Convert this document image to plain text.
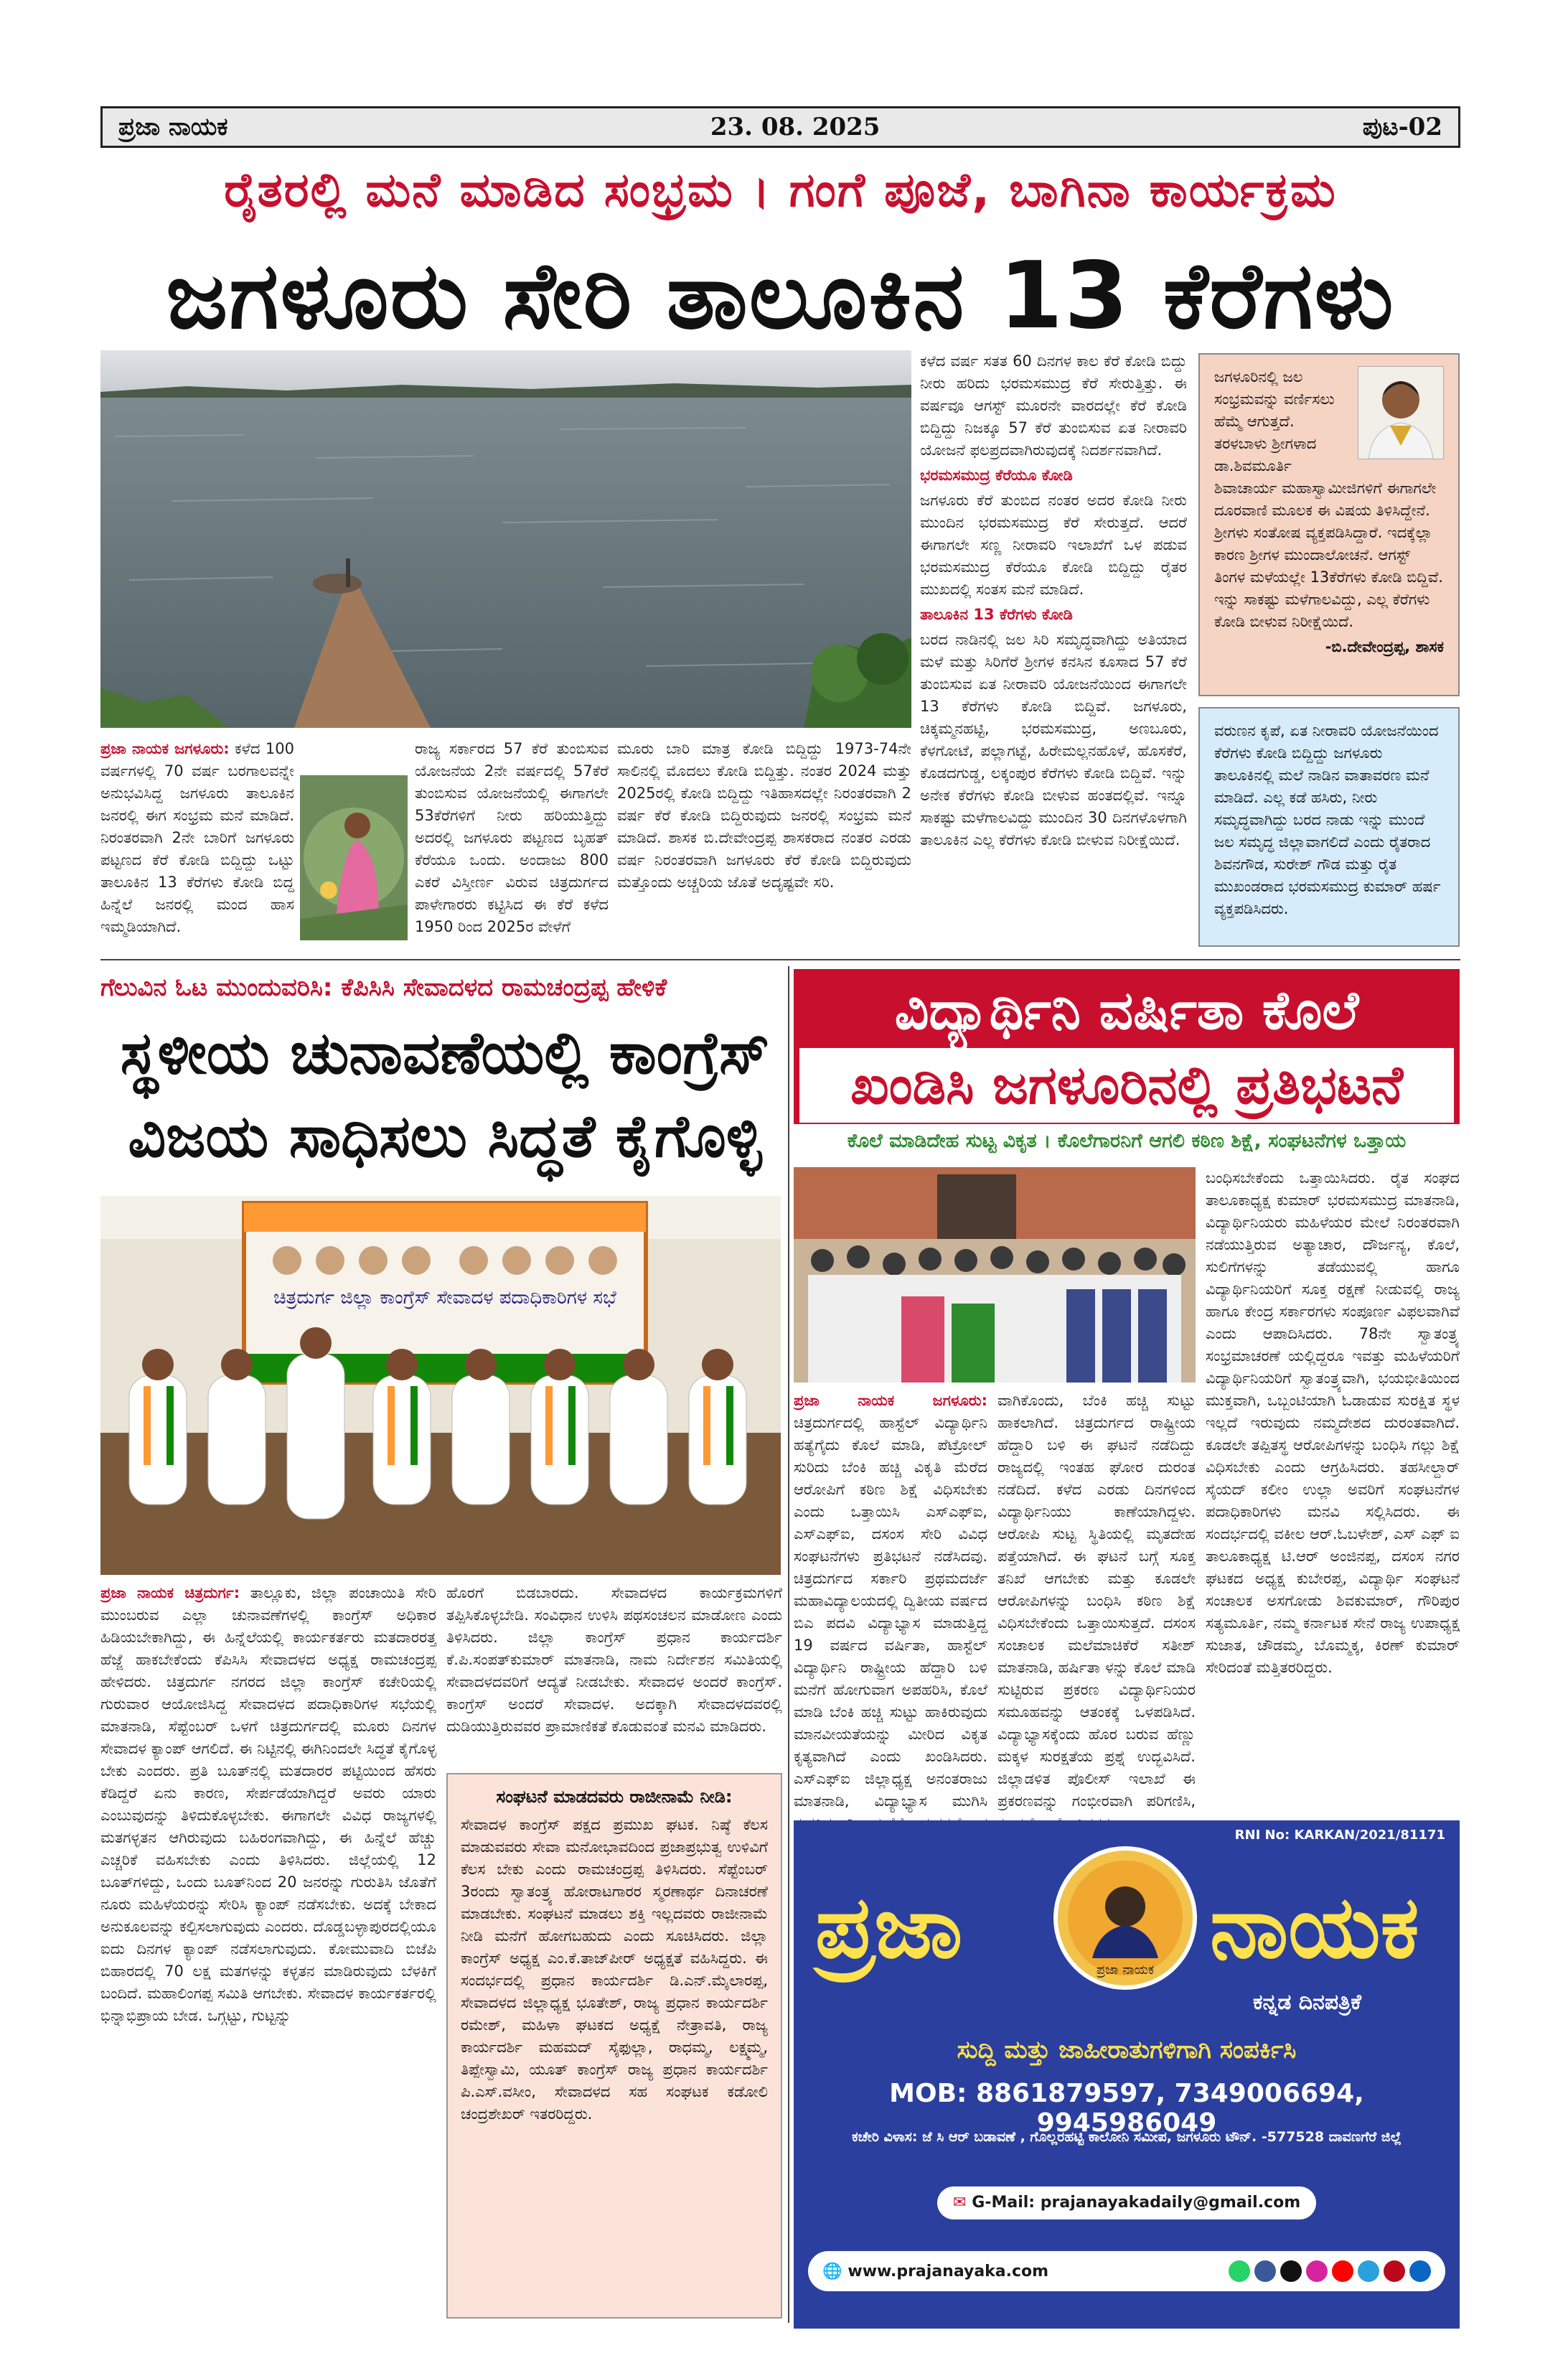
ಪ್ರಜಾ ನಾಯಕ	23. 08. 2025	ಪುಟ-02
ರೈತರಲ್ಲಿ ಮನೆ ಮಾಡಿದ ಸಂಭ್ರಮ । ಗಂಗೆ ಪೂಜೆ, ಬಾಗಿನಾ ಕಾರ್ಯಕ್ರಮ
ಜಗಳೂರು ಸೇರಿ ತಾಲೂಕಿನ 13 ಕೆರೆಗಳು

ಕಳೆದ ವರ್ಷ ಸತತ 60 ದಿನಗಳ ಕಾಲ ಕೆರೆ ಕೋಡಿ ಬಿದ್ದು ನೀರು ಹರಿದು ಭರಮಸಮುದ್ರ ಕೆರೆ ಸೇರುತ್ತಿತ್ತು. ಈ ವರ್ಷವೂ ಆಗಸ್ಟ್ ಮೂರನೇ ವಾರದಲ್ಲೇ ಕೆರೆ ಕೋಡಿ ಬಿದ್ದಿದ್ದು ನಿಜಕ್ಕೂ 57 ಕೆರೆ ತುಂಬಿಸುವ ಏತ ನೀರಾವರಿ ಯೋಜನೆ ಫಲಪ್ರದವಾಗಿರುವುದಕ್ಕೆ ನಿದರ್ಶನವಾಗಿದೆ.

ಭರಮಸಮುದ್ರ ಕೆರೆಯೂ ಕೋಡಿ

ಜಗಳೂರು ಕೆರೆ ತುಂಬಿದ ನಂತರ ಅದರ ಕೋಡಿ ನೀರು ಮುಂದಿನ ಭರಮಸಮುದ್ರ ಕೆರೆ ಸೇರುತ್ತದೆ. ಆದರೆ ಈಗಾಗಲೇ ಸಣ್ಣ ನೀರಾವರಿ ಇಲಾಖೆಗೆ ಒಳ ಪಡುವ ಭರಮಸಮುದ್ರ ಕೆರೆಯೂ ಕೋಡಿ ಬಿದ್ದಿದ್ದು ರೈತರ ಮುಖದಲ್ಲಿ ಸಂತಸ ಮನೆ ಮಾಡಿದೆ.

ತಾಲೂಕಿನ 13 ಕೆರೆಗಳು ಕೋಡಿ

ಬರದ ನಾಡಿನಲ್ಲಿ ಜಲ ಸಿರಿ ಸಮೃದ್ಧವಾಗಿದ್ದು ಅತಿಯಾದ ಮಳೆ ಮತ್ತು ಸಿರಿಗೆರೆ ಶ್ರೀಗಳ ಕನಸಿನ ಕೂಸಾದ 57 ಕೆರೆ ತುಂಬಿಸುವ ಏತ ನೀರಾವರಿ ಯೋಜನೆಯಿಂದ ಈಗಾಗಲೇ 13 ಕೆರೆಗಳು ಕೋಡಿ ಬಿದ್ದಿವೆ. ಜಗಳೂರು, ಚಿಕ್ಕಮ್ಮನಹಟ್ಟಿ, ಭರಮಸಮುದ್ರ, ಅಣಬೂರು, ಕೆಳಗೋಟೆ, ಪಲ್ಲಾಗಟ್ಟೆ, ಹಿರೇಮಲ್ಲನಹೊಳೆ, ಹೊಸಕೆರೆ, ಕೊಡದಗುಡ್ಡ, ಲಕ್ಕಂಪುರ ಕೆರೆಗಳು ಕೋಡಿ ಬಿದ್ದಿವೆ. ಇನ್ನು ಅನೇಕ ಕೆರೆಗಳು ಕೋಡಿ ಬೀಳುವ ಹಂತದಲ್ಲಿವೆ. ಇನ್ನೂ ಸಾಕಷ್ಟು ಮಳೆಗಾಲವಿದ್ದು ಮುಂದಿನ 30 ದಿನಗಳೊಳಗಾಗಿ ತಾಲೂಕಿನ ಎಲ್ಲ ಕೆರೆಗಳು ಕೋಡಿ ಬೀಳುವ ನಿರೀಕ್ಷೆಯಿದೆ.

ಜಗಳೂರಿನಲ್ಲಿ ಜಲ ಸಂಭ್ರಮವನ್ನು ವರ್ಣಿಸಲು ಹೆಮ್ಮೆ ಆಗುತ್ತದೆ. ತರಳಬಾಳು ಶ್ರೀಗಳಾದ ಡಾ.ಶಿವಮೂರ್ತಿ ಶಿವಾಚಾರ್ಯ ಮಹಾಸ್ವಾಮೀಜಿಗಳಿಗೆ ಈಗಾಗಲೇ ದೂರವಾಣಿ ಮೂಲಕ ಈ ವಿಷಯ ತಿಳಿಸಿದ್ದೇನೆ. ಶ್ರೀಗಳು ಸಂತೋಷ ವ್ಯಕ್ತಪಡಿಸಿದ್ದಾರೆ. ಇದಕ್ಕೆಲ್ಲಾ ಕಾರಣ ಶ್ರೀಗಳ ಮುಂದಾಲೋಚನೆ. ಆಗಸ್ಟ್ ತಿಂಗಳ ಮಳೆಯಲ್ಲೇ 13ಕೆರೆಗಳು ಕೋಡಿ ಬಿದ್ದಿವೆ. ಇನ್ನು ಸಾಕಷ್ಟು ಮಳೆಗಾಲವಿದ್ದು, ಎಲ್ಲ ಕೆರೆಗಳು ಕೋಡಿ ಬೀಳುವ ನಿರೀಕ್ಷೆಯಿದೆ.
-ಬಿ.ದೇವೇಂದ್ರಪ್ಪ, ಶಾಸಕ
ವರುಣನ ಕೃಪೆ, ಏತ ನೀರಾವರಿ ಯೋಜನೆಯಿಂದ ಕೆರೆಗಳು ಕೋಡಿ ಬಿದ್ದಿದ್ದು ಜಗಳೂರು ತಾಲೂಕಿನಲ್ಲಿ ಮಲೆ ನಾಡಿನ ವಾತಾವರಣ ಮನೆ ಮಾಡಿದೆ. ಎಲ್ಲ ಕಡೆ ಹಸಿರು, ನೀರು ಸಮೃದ್ಧವಾಗಿದ್ದು ಬರದ ನಾಡು ಇನ್ನು ಮುಂದೆ ಜಲ ಸಮೃದ್ಧ ಜಿಲ್ಲಾವಾಗಲಿದೆ ಎಂದು ರೈತರಾದ ಶಿವನಗೌಡ, ಸುರೇಶ್ ಗೌಡ ಮತ್ತು ರೈತ ಮುಖಂಡರಾದ ಭರಮಸಮುದ್ರ ಕುಮಾರ್ ಹರ್ಷ ವ್ಯಕ್ತಪಡಿಸಿದರು.

ಪ್ರಜಾ ನಾಯಕ ಜಗಳೂರು: ಕಳೆದ 100 ವರ್ಷಗಳಲ್ಲಿ 70 ವರ್ಷ ಬರಗಾಲವನ್ನೇ ಅನುಭವಿಸಿದ್ದ ಜಗಳೂರು ತಾಲೂಕಿನ ಜನರಲ್ಲಿ ಈಗ ಸಂಭ್ರಮ ಮನೆ ಮಾಡಿದೆ. ನಿರಂತರವಾಗಿ 2ನೇ ಬಾರಿಗೆ ಜಗಳೂರು ಪಟ್ಟಣದ ಕೆರೆ ಕೋಡಿ ಬಿದ್ದಿದ್ದು ಒಟ್ಟು ತಾಲೂಕಿನ 13 ಕೆರೆಗಳು ಕೋಡಿ ಬಿದ್ದ ಹಿನ್ನೆಲೆ ಜನರಲ್ಲಿ ಮಂದ ಹಾಸ ಇಮ್ಮಡಿಯಾಗಿದೆ.

ರಾಜ್ಯ ಸರ್ಕಾರದ 57 ಕೆರೆ ತುಂಬಿಸುವ ಯೋಜನೆಯ 2ನೇ ವರ್ಷದಲ್ಲಿ 57ಕೆರೆ ತುಂಬಿಸುವ ಯೋಜನೆಯಲ್ಲಿ ಈಗಾಗಲೇ 53ಕೆರೆಗಳಿಗೆ ನೀರು ಹರಿಯುತ್ತಿದ್ದು ಅದರಲ್ಲಿ ಜಗಳೂರು ಪಟ್ಟಣದ ಬೃಹತ್ ಕೆರೆಯೂ ಒಂದು. ಅಂದಾಜು 800 ಎಕರೆ ವಿಸ್ತೀರ್ಣ ವಿರುವ ಚಿತ್ರದುರ್ಗದ ಪಾಳೇಗಾರರು ಕಟ್ಟಿಸಿದ ಈ ಕೆರೆ ಕಳೆದ 1950 ರಿಂದ 2025ರ ವೇಳೆಗೆ

ಮೂರು ಬಾರಿ ಮಾತ್ರ ಕೋಡಿ ಬಿದ್ದಿದ್ದು 1973-74ನೇ ಸಾಲಿನಲ್ಲಿ ಮೊದಲು ಕೋಡಿ ಬಿದ್ದಿತ್ತು. ನಂತರ 2024 ಮತ್ತು 2025ರಲ್ಲಿ ಕೋಡಿ ಬಿದ್ದಿದ್ದು ಇತಿಹಾಸದಲ್ಲೇ ನಿರಂತರವಾಗಿ 2 ವರ್ಷ ಕೆರೆ ಕೋಡಿ ಬಿದ್ದಿರುವುದು ಜನರಲ್ಲಿ ಸಂಭ್ರಮ ಮನೆ ಮಾಡಿದೆ. ಶಾಸಕ ಬಿ.ದೇವೇಂದ್ರಪ್ಪ ಶಾಸಕರಾದ ನಂತರ ಎರಡು ವರ್ಷ ನಿರಂತರವಾಗಿ ಜಗಳೂರು ಕೆರೆ ಕೋಡಿ ಬಿದ್ದಿರುವುದು ಮತ್ತೊಂದು ಅಚ್ಚರಿಯ ಜೊತೆ ಅದೃಷ್ಟವೇ ಸರಿ.

ಗೆಲುವಿನ ಓಟ ಮುಂದುವರಿಸಿ: ಕೆಪಿಸಿಸಿ ಸೇವಾದಳದ ರಾಮಚಂದ್ರಪ್ಪ ಹೇಳಿಕೆ
ಸ್ಥಳೀಯ ಚುನಾವಣೆಯಲ್ಲಿ ಕಾಂಗ್ರೆಸ್ ವಿಜಯ ಸಾಧಿಸಲು ಸಿದ್ಧತೆ ಕೈಗೊಳ್ಳಿ
ಚಿತ್ರದುರ್ಗ ಜಿಲ್ಲಾ ಕಾಂಗ್ರೆಸ್ ಸೇವಾದಳ ಪದಾಧಿಕಾರಿಗಳ ಸಭೆ

ಪ್ರಜಾ ನಾಯಕ ಚಿತ್ರದುರ್ಗ: ತಾಲ್ಲೂಕು, ಜಿಲ್ಲಾ ಪಂಚಾಯಿತಿ ಸೇರಿ ಮುಂಬರುವ ಎಲ್ಲಾ ಚುನಾವಣೆಗಳಲ್ಲಿ ಕಾಂಗ್ರೆಸ್ ಅಧಿಕಾರ ಹಿಡಿಯಬೇಕಾಗಿದ್ದು, ಈ ಹಿನ್ನೆಲೆಯಲ್ಲಿ ಕಾರ್ಯಕರ್ತರು ಮತದಾರರತ್ತ ಹೆಜ್ಜೆ ಹಾಕಬೇಕೆಂದು ಕೆಪಿಸಿಸಿ ಸೇವಾದಳದ ಅಧ್ಯಕ್ಷ ರಾಮಚಂದ್ರಪ್ಪ ಹೇಳಿದರು. ಚಿತ್ರದುರ್ಗ ನಗರದ ಜಿಲ್ಲಾ ಕಾಂಗ್ರೆಸ್ ಕಚೇರಿಯಲ್ಲಿ ಗುರುವಾರ ಆಯೋಜಿಸಿದ್ದ ಸೇವಾದಳದ ಪದಾಧಿಕಾರಿಗಳ ಸಭೆಯಲ್ಲಿ ಮಾತನಾಡಿ, ಸೆಪ್ಟೆಂಬರ್ ಒಳಗೆ ಚಿತ್ರದುರ್ಗದಲ್ಲಿ ಮೂರು ದಿನಗಳ ಸೇವಾದಳ ಕ್ಯಾಂಪ್ ಆಗಲಿದೆ. ಈ ನಿಟ್ಟಿನಲ್ಲಿ ಈಗಿನಿಂದಲೇ ಸಿದ್ಧತೆ ಕೈಗೊಳ್ಳ ಬೇಕು ಎಂದರು. ಪ್ರತಿ ಬೂತ್‌ನಲ್ಲಿ ಮತದಾರರ ಪಟ್ಟಿಯಿಂದ ಹೆಸರು ಕೆಡಿದ್ದರೆ ಏನು ಕಾರಣ, ಸೇರ್ಪಡೆಯಾಗಿದ್ದರೆ ಅವರು ಯಾರು ಎಂಬುವುದನ್ನು ತಿಳಿದುಕೊಳ್ಳಬೇಕು. ಈಗಾಗಲೇ ವಿವಿಧ ರಾಜ್ಯಗಳಲ್ಲಿ ಮತಗಳ್ಳತನ ಆಗಿರುವುದು ಬಹಿರಂಗವಾಗಿದ್ದು, ಈ ಹಿನ್ನೆಲೆ ಹೆಚ್ಚು ಎಚ್ಚರಿಕೆ ವಹಿಸಬೇಕು ಎಂದು ತಿಳಿಸಿದರು. ಜಿಲ್ಲೆಯಲ್ಲಿ 12 ಬೂತ್‌ಗಳಿದ್ದು, ಒಂದು ಬೂತ್‌ನಿಂದ 20 ಜನರನ್ನು ಗುರುತಿಸಿ ಜೊತೆಗೆ ನೂರು ಮಹಿಳೆಯರನ್ನು ಸೇರಿಸಿ ಕ್ಯಾಂಪ್ ನಡೆಸಬೇಕು. ಅದಕ್ಕೆ ಬೇಕಾದ ಅನುಕೂಲವನ್ನು ಕಲ್ಪಿಸಲಾಗುವುದು ಎಂದರು. ದೊಡ್ಡಬಳ್ಳಾಪುರದಲ್ಲಿಯೂ ಐದು ದಿನಗಳ ಕ್ಯಾಂಪ್ ನಡೆಸಲಾಗುವುದು. ಕೋಮುವಾದಿ ಬಿಜೆಪಿ ಬಿಹಾರದಲ್ಲಿ 70 ಲಕ್ಷ ಮತಗಳನ್ನು ಕಳ್ಳತನ ಮಾಡಿರುವುದು ಬೆಳಕಿಗೆ ಬಂದಿದೆ. ಮಹಾಲಿಂಗಪ್ಪ ಸಮಿತಿ ಆಗಬೇಕು. ಸೇವಾದಳ ಕಾರ್ಯಕರ್ತರಲ್ಲಿ ಭಿನ್ನಾಭಿಪ್ರಾಯ ಬೇಡ. ಒಗ್ಗಟ್ಟು, ಗುಟ್ಟನ್ನು

ಹೊರಗೆ ಬಿಡಬಾರದು. ಸೇವಾದಳದ ಕಾರ್ಯಕ್ರಮಗಳಿಗೆ ತಪ್ಪಿಸಿಕೊಳ್ಳಬೇಡಿ. ಸಂವಿಧಾನ ಉಳಿಸಿ ಪಥಸಂಚಲನ ಮಾಡೋಣ ಎಂದು ತಿಳಿಸಿದರು. ಜಿಲ್ಲಾ ಕಾಂಗ್ರೆಸ್ ಪ್ರಧಾನ ಕಾರ್ಯದರ್ಶಿ ಕೆ.ಪಿ.ಸಂಪತ್‌ಕುಮಾರ್ ಮಾತನಾಡಿ, ನಾಮ ನಿರ್ದೇಶನ ಸಮಿತಿಯಲ್ಲಿ ಸೇವಾದಳದವರಿಗೆ ಆದ್ಯತೆ ನೀಡಬೇಕು. ಸೇವಾದಳ ಅಂದರೆ ಕಾಂಗ್ರೆಸ್. ಕಾಂಗ್ರೆಸ್ ಅಂದರೆ ಸೇವಾದಳ. ಅದಕ್ಕಾಗಿ ಸೇವಾದಳದವರಲ್ಲಿ ದುಡಿಯುತ್ತಿರುವವರ ಪ್ರಾಮಾಣಿಕತೆ ಕೊಡುವಂತೆ ಮನವಿ ಮಾಡಿದರು.

ಸಂಘಟನೆ ಮಾಡದವರು ರಾಜೀನಾಮೆ ನೀಡಿ:
ಸೇವಾದಳ ಕಾಂಗ್ರೆಸ್ ಪಕ್ಷದ ಪ್ರಮುಖ ಘಟಕ. ನಿಷ್ಠೆ ಕೆಲಸ ಮಾಡುವವರು ಸೇವಾ ಮನೋಭಾವದಿಂದ ಪ್ರಜಾಪ್ರಭುತ್ವ ಉಳಿವಿಗೆ ಕೆಲಸ ಬೇಕು ಎಂದು ರಾಮಚಂದ್ರಪ್ಪ ತಿಳಿಸಿದರು. ಸೆಪ್ಟೆಂಬರ್ 3ರಂದು ಸ್ವಾತಂತ್ರ್ಯ ಹೋರಾಟಗಾರರ ಸ್ಮರಣಾರ್ಥ ದಿನಾಚರಣೆ ಮಾಡಬೇಕು. ಸಂಘಟನೆ ಮಾಡಲು ಶಕ್ತಿ ಇಲ್ಲದವರು ರಾಜೀನಾಮೆ ನೀಡಿ ಮನೆಗೆ ಹೋಗಬಹುದು ಎಂದು ಸೂಚಿಸಿದರು. ಜಿಲ್ಲಾ ಕಾಂಗ್ರೆಸ್ ಅಧ್ಯಕ್ಷ ಎಂ.ಕೆ.ತಾಜ್‌ಪೀರ್ ಅಧ್ಯಕ್ಷತೆ ವಹಿಸಿದ್ದರು. ಈ ಸಂದರ್ಭದಲ್ಲಿ ಪ್ರಧಾನ ಕಾರ್ಯದರ್ಶಿ ಡಿ.ಎನ್.ಮೈಲಾರಪ್ಪ, ಸೇವಾದಳದ ಜಿಲ್ಲಾಧ್ಯಕ್ಷ ಭೂತೇಶ್, ರಾಜ್ಯ ಪ್ರಧಾನ ಕಾರ್ಯದರ್ಶಿ ರಮೇಶ್, ಮಹಿಳಾ ಘಟಕದ ಅಧ್ಯಕ್ಷೆ ನೇತ್ರಾವತಿ, ರಾಜ್ಯ ಕಾರ್ಯದರ್ಶಿ ಮಹಮದ್ ಸೈಫುಲ್ಲಾ, ರಾಧಮ್ಮ, ಲಕ್ಷ್ಮಮ್ಮ, ತಿಪ್ಪೇಸ್ವಾಮಿ, ಯೂತ್ ಕಾಂಗ್ರೆಸ್ ರಾಜ್ಯ ಪ್ರಧಾನ ಕಾರ್ಯದರ್ಶಿ ಪಿ.ಎಸ್.ವಸೀಂ, ಸೇವಾದಳದ ಸಹ ಸಂಘಟಕ ಕಡೋಲಿ ಚಂದ್ರಶೇಖರ್ ಇತರರಿದ್ದರು.
ವಿದ್ಯಾರ್ಥಿನಿ ವರ್ಷಿತಾ ಕೊಲೆ
ಖಂಡಿಸಿ ಜಗಳೂರಿನಲ್ಲಿ ಪ್ರತಿಭಟನೆ
ಕೊಲೆ ಮಾಡಿದೇಹ ಸುಟ್ಟ ವಿಕೃತ । ಕೊಲೆಗಾರನಿಗೆ ಆಗಲಿ ಕಠಿಣ ಶಿಕ್ಷೆ, ಸಂಘಟನೆಗಳ ಒತ್ತಾಯ

ಪ್ರಜಾ ನಾಯಕ ಜಗಳೂರು: ಚಿತ್ರದುರ್ಗದಲ್ಲಿ ಹಾಸ್ಟೆಲ್ ವಿದ್ಯಾರ್ಥಿನಿ ಹತ್ಯೆಗೈದು ಕೊಲೆ ಮಾಡಿ, ಪೆಟ್ರೋಲ್ ಸುರಿದು ಬೆಂಕಿ ಹಚ್ಚಿ ವಿಕೃತಿ ಮೆರೆದ ಆರೋಪಿಗೆ ಕಠಿಣ ಶಿಕ್ಷೆ ವಿಧಿಸಬೇಕು ಎಂದು ಒತ್ತಾಯಿಸಿ ಎಸ್‌ಎಫ್‌ಐ, ಎಸ್‌ಎಫ್‌ಐ, ದಸಂಸ ಸೇರಿ ವಿವಿಧ ಸಂಘಟನೆಗಳು ಪ್ರತಿಭಟನೆ ನಡೆಸಿದವು. ಚಿತ್ರದುರ್ಗದ ಸರ್ಕಾರಿ ಪ್ರಥಮದರ್ಜೆ ಮಹಾವಿದ್ಯಾಲಯದಲ್ಲಿ ದ್ವಿತೀಯ ವರ್ಷದ ಬಿಎ ಪದವಿ ವಿದ್ಯಾಭ್ಯಾಸ ಮಾಡುತ್ತಿದ್ದ 19 ವರ್ಷದ ವರ್ಷಿತಾ, ಹಾಸ್ಟೆಲ್ ವಿದ್ಯಾರ್ಥಿನಿ ರಾಷ್ಟ್ರೀಯ ಹೆದ್ದಾರಿ ಬಳಿ ಮನೆಗೆ ಹೋಗುವಾಗ ಅಪಹರಿಸಿ, ಕೊಲೆ ಮಾಡಿ ಬೆಂಕಿ ಹಚ್ಚಿ ಸುಟ್ಟು ಹಾಕಿರುವುದು ಮಾನವೀಯತೆಯನ್ನು ಮೀರಿದ ವಿಕೃತ ಕೃತ್ಯವಾಗಿದೆ ಎಂದು ಖಂಡಿಸಿದರು. ಎಸ್‌ಎಫ್‌ಐ ಜಿಲ್ಲಾಧ್ಯಕ್ಷ ಅನಂತರಾಜು ಮಾತನಾಡಿ, ವಿದ್ಯಾಭ್ಯಾಸ ಮುಗಿಸಿ

ವಾಗಿಕೊಂದು, ಬೆಂಕಿ ಹಚ್ಚಿ ಸುಟ್ಟು ಹಾಕಲಾಗಿದೆ. ಚಿತ್ರದುರ್ಗದ ರಾಷ್ಟ್ರೀಯ ಹೆದ್ದಾರಿ ಬಳಿ ಈ ಘಟನೆ ನಡೆದಿದ್ದು ರಾಜ್ಯದಲ್ಲಿ ಇಂತಹ ಘೋರ ದುರಂತ ನಡೆದಿದೆ. ಕಳೆದ ಎರಡು ದಿನಗಳಿಂದ ವಿದ್ಯಾರ್ಥಿನಿಯು ಕಾಣೆಯಾಗಿದ್ದಳು. ಆರೋಪಿ ಸುಟ್ಟ ಸ್ಥಿತಿಯಲ್ಲಿ ಮೃತದೇಹ ಪತ್ತೆಯಾಗಿದೆ. ಈ ಘಟನೆ ಬಗ್ಗೆ ಸೂಕ್ತ ತನಿಖೆ ಆಗಬೇಕು ಮತ್ತು ಕೂಡಲೇ ಆರೋಪಿಗಳನ್ನು ಬಂಧಿಸಿ ಕಠಿಣ ಶಿಕ್ಷೆ ವಿಧಿಸಬೇಕೆಂದು ಒತ್ತಾಯಿಸುತ್ತದೆ. ದಸಂಸ ಸಂಚಾಲಕ ಮಲೆಮಾಚಿಕೆರೆ ಸತೀಶ್ ಮಾತನಾಡಿ, ಹರ್ಷಿತಾ ಳನ್ನು ಕೊಲೆ ಮಾಡಿ ಸುಟ್ಟಿರುವ ಪ್ರಕರಣ ವಿದ್ಯಾರ್ಥಿನಿಯರ ಸಮೂಹವನ್ನು ಆತಂಕಕ್ಕೆ ಒಳಪಡಿಸಿದೆ. ವಿದ್ಯಾಭ್ಯಾಸಕ್ಕೆಂದು ಹೊರ ಬರುವ ಹೆಣ್ಣು ಮಕ್ಕಳ ಸುರಕ್ಷತೆಯ ಪ್ರಶ್ನೆ ಉದ್ಭವಿಸಿದೆ. ಜಿಲ್ಲಾಡಳಿತ ಪೊಲೀಸ್ ಇಲಾಖೆ ಈ ಪ್ರಕರಣವನ್ನು ಗಂಭೀರವಾಗಿ ಪರಿಗಣಿಸಿ,

ಬಂಧಿಸಬೇಕೆಂದು ಒತ್ತಾಯಿಸಿದರು. ರೈತ ಸಂಘದ ತಾಲೂಕಾಧ್ಯಕ್ಷ ಕುಮಾರ್ ಭರಮಸಮುದ್ರ ಮಾತನಾಡಿ, ವಿದ್ಯಾರ್ಥಿನಿಯರು ಮಹಿಳೆಯರ ಮೇಲೆ ನಿರಂತರವಾಗಿ ನಡೆಯುತ್ತಿರುವ ಅತ್ಯಾಚಾರ, ದೌರ್ಜನ್ಯ, ಕೊಲೆ, ಸುಲಿಗೆಗಳನ್ನು ತಡೆಯುವಲ್ಲಿ ಹಾಗೂ ವಿದ್ಯಾರ್ಥಿನಿಯರಿಗೆ ಸೂಕ್ತ ರಕ್ಷಣೆ ನೀಡುವಲ್ಲಿ ರಾಜ್ಯ ಹಾಗೂ ಕೇಂದ್ರ ಸರ್ಕಾರಗಳು ಸಂಪೂರ್ಣ ವಿಫಲವಾಗಿವೆ ಎಂದು ಆಪಾದಿಸಿದರು. 78ನೇ ಸ್ವಾತಂತ್ರ್ಯ ಸಂಭ್ರಮಾಚರಣೆ ಯಲ್ಲಿದ್ದರೂ ಇವತ್ತು ಮಹಿಳೆಯರಿಗೆ ವಿದ್ಯಾರ್ಥಿನಿಯರಿಗೆ ಸ್ವಾತಂತ್ರ್ಯವಾಗಿ, ಭಯಭೀತಿಯಿಂದ ಮುಕ್ತವಾಗಿ, ಒಬ್ಬಂಟಿಯಾಗಿ ಓಡಾಡುವ ಸುರಕ್ಷಿತ ಸ್ಥಳ ಇಲ್ಲದೆ ಇರುವುದು ನಮ್ಮದೇಶದ ದುರಂತವಾಗಿದೆ. ಕೂಡಲೇ ತಪ್ಪಿತಸ್ಥ ಆರೋಪಿಗಳನ್ನು ಬಂಧಿಸಿ ಗಲ್ಲು ಶಿಕ್ಷೆ ವಿಧಿಸಬೇಕು ಎಂದು ಆಗ್ರಹಿಸಿದರು. ತಹಸೀಲ್ದಾರ್ ಸೈಯದ್ ಕಲೀಂ ಉಲ್ಲಾ ಅವರಿಗೆ ಸಂಘಟನೆಗಳ ಪದಾಧಿಕಾರಿಗಳು ಮನವಿ ಸಲ್ಲಿಸಿದರು. ಈ ಸಂದರ್ಭದಲ್ಲಿ ವಕೀಲ ಆರ್.ಓಬಳೇಶ್, ಎಸ್ ಎಫ್ ಐ ತಾಲೂಕಾಧ್ಯಕ್ಷ ಟಿ.ಆರ್ ಅಂಜಿನಪ್ಪ, ದಸಂಸ ನಗರ ಘಟಕದ ಅಧ್ಯಕ್ಷ ಕುಬೇರಪ್ಪ, ವಿದ್ಯಾರ್ಥಿ ಸಂಘಟನೆ ಸಂಚಾಲಕ ಅಸಗೋಡು ಶಿವಕುಮಾರ್, ಗೌರಿಪುರ ಸತ್ಯಮೂರ್ತಿ, ನಮ್ಮ ಕರ್ನಾಟಕ ಸೇನೆ ರಾಜ್ಯ ಉಪಾಧ್ಯಕ್ಷ ಸುಜಾತ, ಚೌಡಮ್ಮ, ಬೊಮ್ಮಕ್ಕ, ಕಿರಣ್ ಕುಮಾರ್ ಸೇರಿದಂತೆ ಮತ್ತಿತರರಿದ್ದರು.

RNI No: KARKAN/2021/81171
ಪ್ರಜಾ	ಪ್ರಜಾ ನಾಯಕ ನಾಯಕ
ಕನ್ನಡ ದಿನಪತ್ರಿಕೆ
ಸುದ್ದಿ ಮತ್ತು ಜಾಹೀರಾತುಗಳಿಗಾಗಿ ಸಂಪರ್ಕಿಸಿ
MOB: 8861879597, 7349006694, 9945986049
ಕಚೇರಿ ವಿಳಾಸ: ಜೆ ಸಿ ಆರ್ ಬಡಾವಣೆ , ಗೊಲ್ಲರಹಟ್ಟಿ ಕಾಲೋನಿ ಸಮೀಪ, ಜಗಳೂರು ಟೌನ್. -577528 ದಾವಣಗೆರೆ ಜಿಲ್ಲೆ
✉ G-Mail: prajanayakadaily@gmail.com
🌐 www.prajanayaka.com
